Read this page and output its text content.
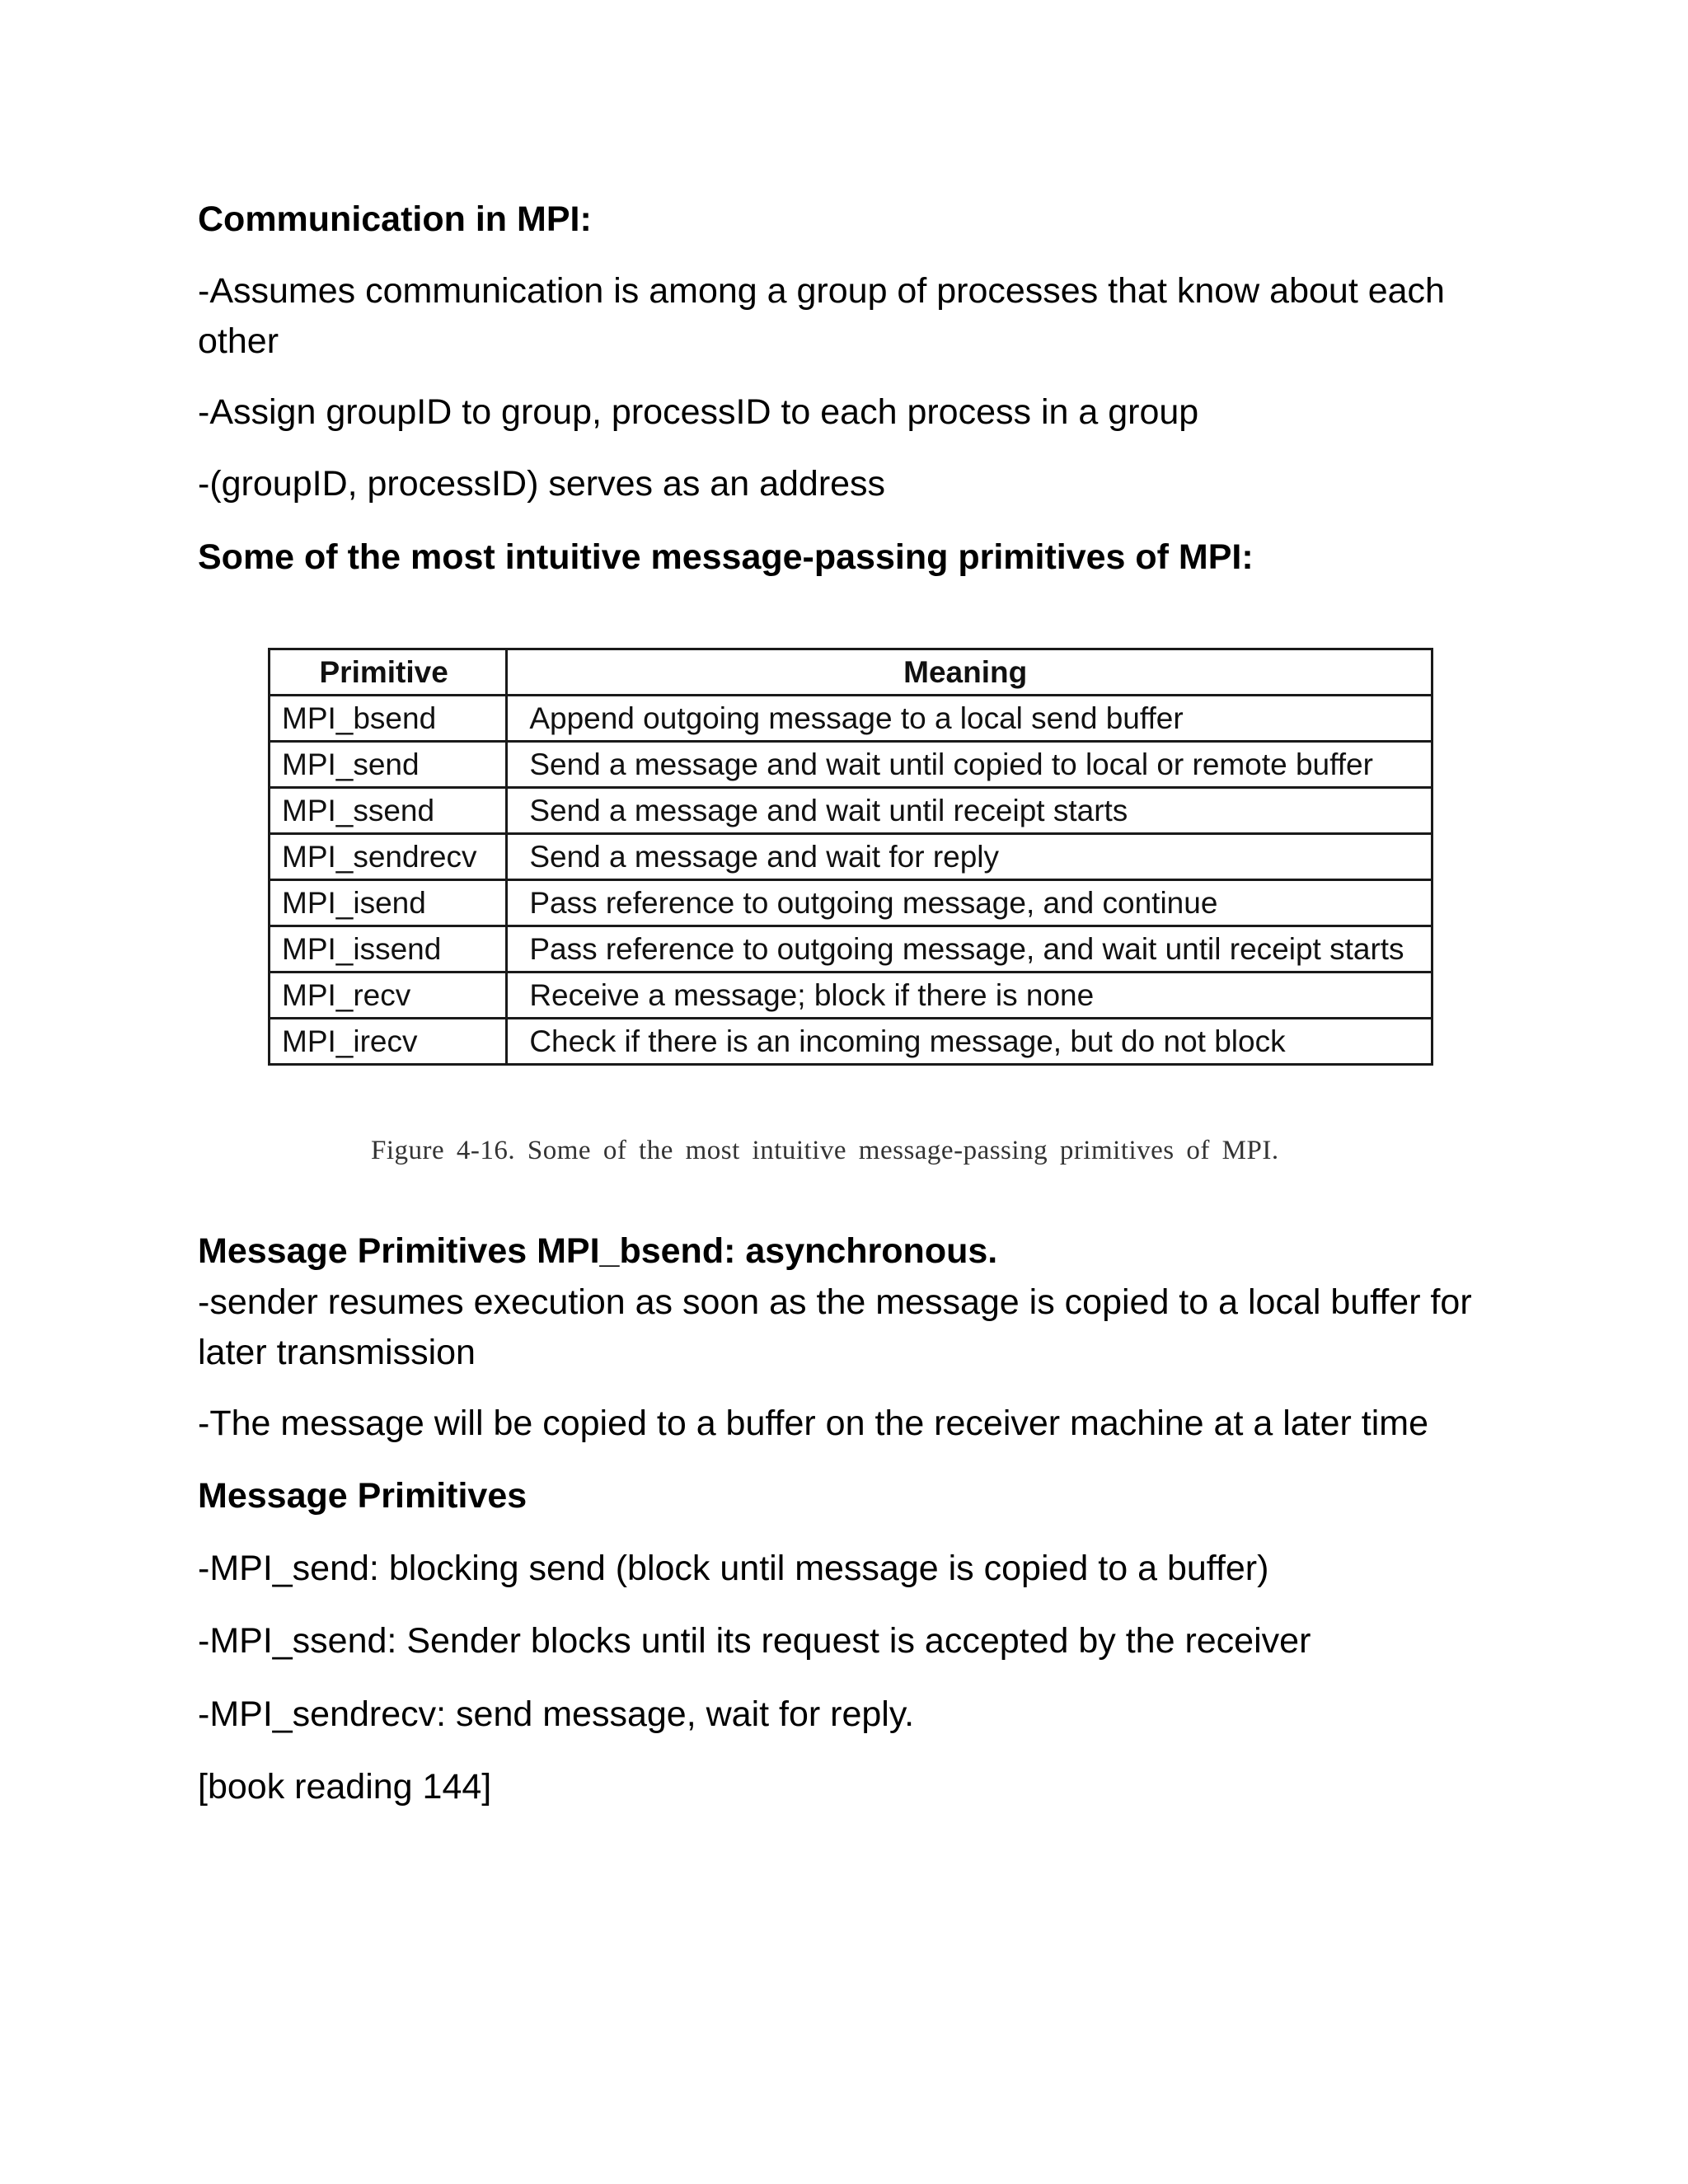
Communication in MPI:

-Assumes communication is among a group of processes that know about each other

-Assign groupID to group, processID to each process in a group

-(groupID, processID) serves as an address

Some of the most intuitive message-passing primitives of MPI:

Primitive	Meaning
MPI_bsend	Append outgoing message to a local send buffer
MPI_send	Send a message and wait until copied to local or remote buffer
MPI_ssend	Send a message and wait until receipt starts
MPI_sendrecv	Send a message and wait for reply
MPI_isend	Pass reference to outgoing message, and continue
MPI_issend	Pass reference to outgoing message, and wait until receipt starts
MPI_recv	Receive a message; block if there is none
MPI_irecv	Check if there is an incoming message, but do not block
Figure 4-16. Some of the most intuitive message-passing primitives of MPI.

Message Primitives MPI_bsend: asynchronous.

-sender resumes execution as soon as the message is copied to a local buffer for later transmission

-The message will be copied to a buffer on the receiver machine at a later time

Message Primitives

-MPI_send: blocking send (block until message is copied to a buffer)

-MPI_ssend: Sender blocks until its request is accepted by the receiver

-MPI_sendrecv: send message, wait for reply.

[book reading 144]
